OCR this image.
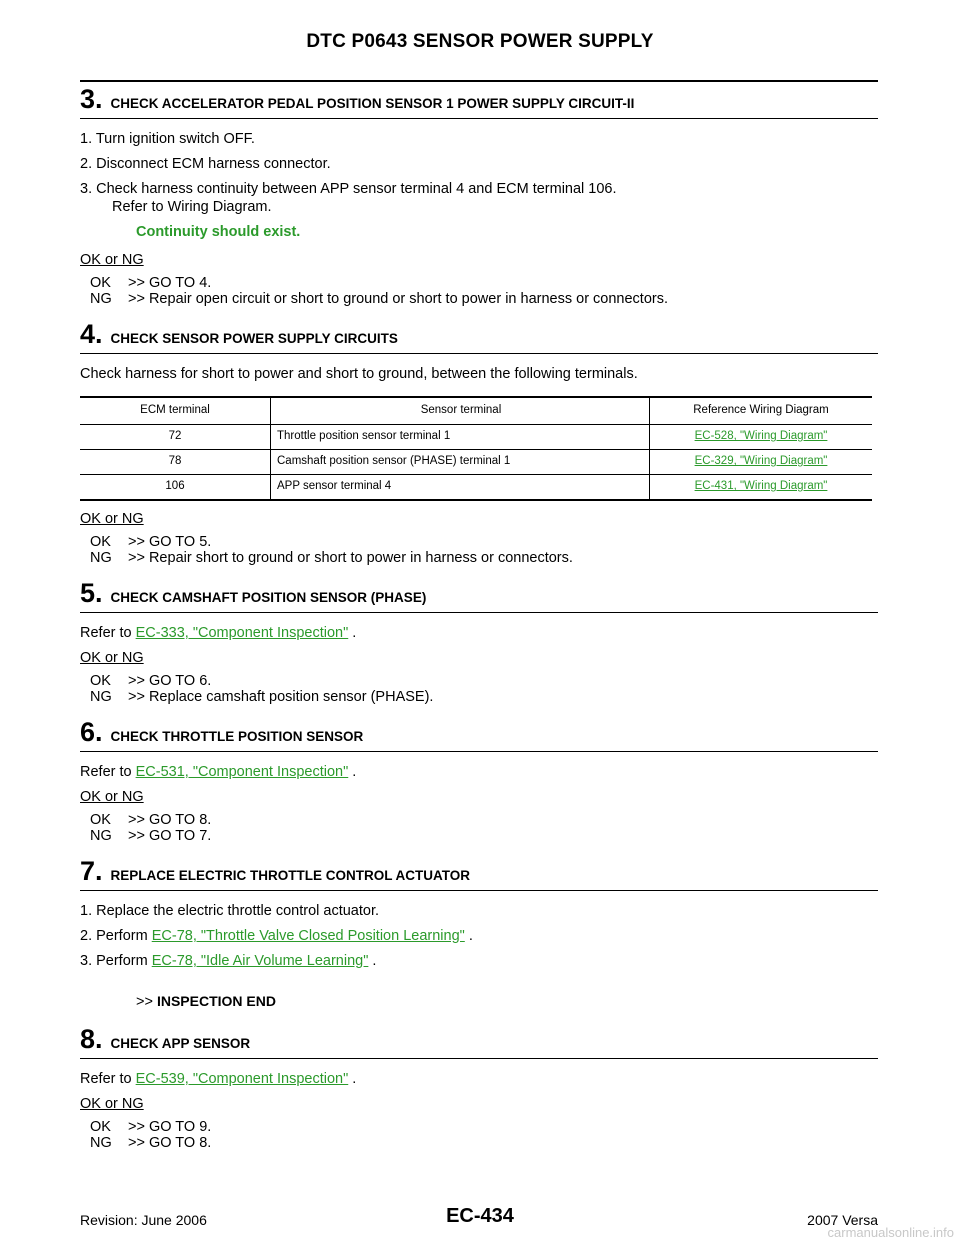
DTC P0643 SENSOR POWER SUPPLY
3 . CHECK ACCELERATOR PEDAL POSITION SENSOR 1 POWER SUPPLY CIRCUIT-II
1. Turn ignition switch OFF.
2. Disconnect ECM harness connector.
3. Check harness continuity between APP sensor terminal 4 and ECM terminal 106.
Refer to Wiring Diagram.
Continuity should exist.
OK or NG
OK >> GO TO 4.
NG >> Repair open circuit or short to ground or short to power in harness or connectors.
4 . CHECK SENSOR POWER SUPPLY CIRCUITS
Check harness for short to power and short to ground, between the following terminals.
ECM terminal	Sensor terminal	Reference Wiring Diagram
72	Throttle position sensor terminal 1	EC-528, "Wiring Diagram"
78	Camshaft position sensor (PHASE) terminal 1	EC-329, "Wiring Diagram"
106	APP sensor terminal 4	EC-431, "Wiring Diagram"
OK or NG
OK >> GO TO 5.
NG >> Repair short to ground or short to power in harness or connectors.
5 . CHECK CAMSHAFT POSITION SENSOR (PHASE)
Refer to EC-333, "Component Inspection" .
OK or NG
OK >> GO TO 6.
NG >> Replace camshaft position sensor (PHASE).
6 . CHECK THROTTLE POSITION SENSOR
Refer to EC-531, "Component Inspection" .
OK or NG
OK >> GO TO 8.
NG >> GO TO 7.
7 . REPLACE ELECTRIC THROTTLE CONTROL ACTUATOR
1. Replace the electric throttle control actuator.
2. Perform EC-78, "Throttle Valve Closed Position Learning" .
3. Perform EC-78, "Idle Air Volume Learning" .
>> INSPECTION END
8 . CHECK APP SENSOR
Refer to EC-539, "Component Inspection" .
OK or NG
OK >> GO TO 9.
NG >> GO TO 8.
EC-434
Revision: June 2006	2007 Versa
carmanualsonline.info
